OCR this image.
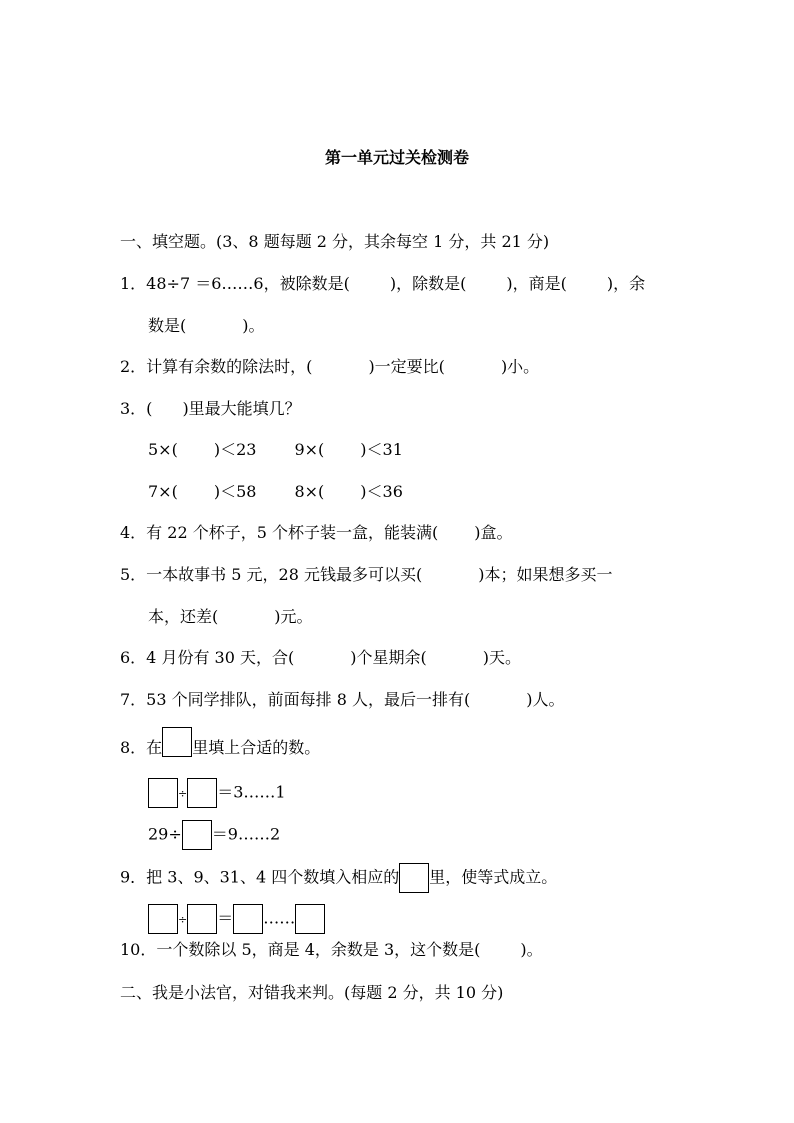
第一单元过关检测卷
一、填空题。(3、8 题每题 2 分，其余每空 1 分，共 21 分)
1．48÷7 ＝6……6，被除数是(	)，除数是(	)，商是(	)，余
数是(	)。
2．计算有余数的除法时，(	)一定要比(	)小。
3．( )里最大能填几？
5×( )＜23 9×( )＜31
7×( )＜58 8×( )＜36
4．有 22 个杯子，5 个杯子装一盒，能装满( )盒。
5．一本故事书 5 元，28 元钱最多可以买(	)本；如果想多买一
本，还差(	)元。
6．4 月份有 30 天，合(	)个星期余(	)天。
7．53 个同学排队，前面每排 8 人，最后一排有(	)人。
8．在 里填上合适的数。
÷ ＝3……1
29÷ ＝9……2
9．把 3、9、31、4 四个数填入相应的 里，使等式成立。
÷ ＝ ……
10．一个数除以 5，商是 4，余数是 3，这个数是(	)。
二、我是小法官，对错我来判。(每题 2 分，共 10 分)
